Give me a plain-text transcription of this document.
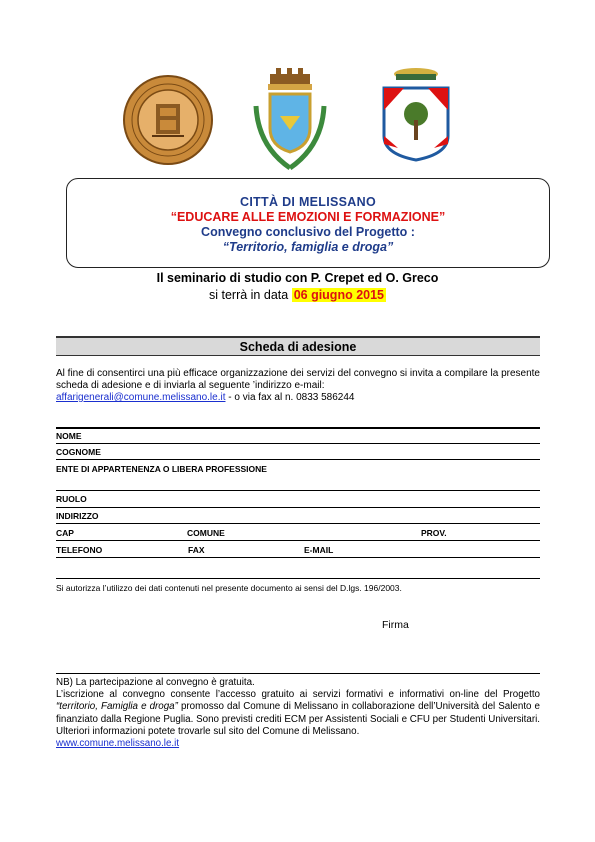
CITTÀ DI MELISSANO
“EDUCARE ALLE EMOZIONI E FORMAZIONE”
Convegno conclusivo del Progetto :
“Territorio, famiglia e droga”
Il seminario di studio con P. Crepet ed O. Greco
si terrà in data 06 giugno 2015
Scheda di adesione
Al fine di consentirci una più efficace organizzazione dei servizi del convegno si invita a compilare la presente scheda di adesione e di inviarla al seguente ’indirizzo e-mail:
affarigenerali@comune.melissano.le.it - o via fax al n. 0833 586244
NOME
COGNOME
ENTE DI APPARTENENZA O LIBERA PROFESSIONE
RUOLO
INDIRIZZO
CAP	COMUNE	PROV.
TELEFONO	FAX	E-MAIL
Si autorizza l’utilizzo dei dati contenuti nel presente documento ai sensi del D.lgs. 196/2003.
Firma
NB) La partecipazione al convegno è gratuita.
L’iscrizione al convegno consente l’accesso gratuito ai servizi formativi e informativi on-line del Progetto “territorio, Famiglia e droga” promosso dal Comune di Melissano in collaborazione dell’Università del Salento e finanziato dalla Regione Puglia. Sono previsti crediti ECM per Assistenti Sociali e CFU per Studenti Universitari. Ulteriori informazioni potete trovarle sul sito del Comune di Melissano.
www.comune.melissano.le.it
